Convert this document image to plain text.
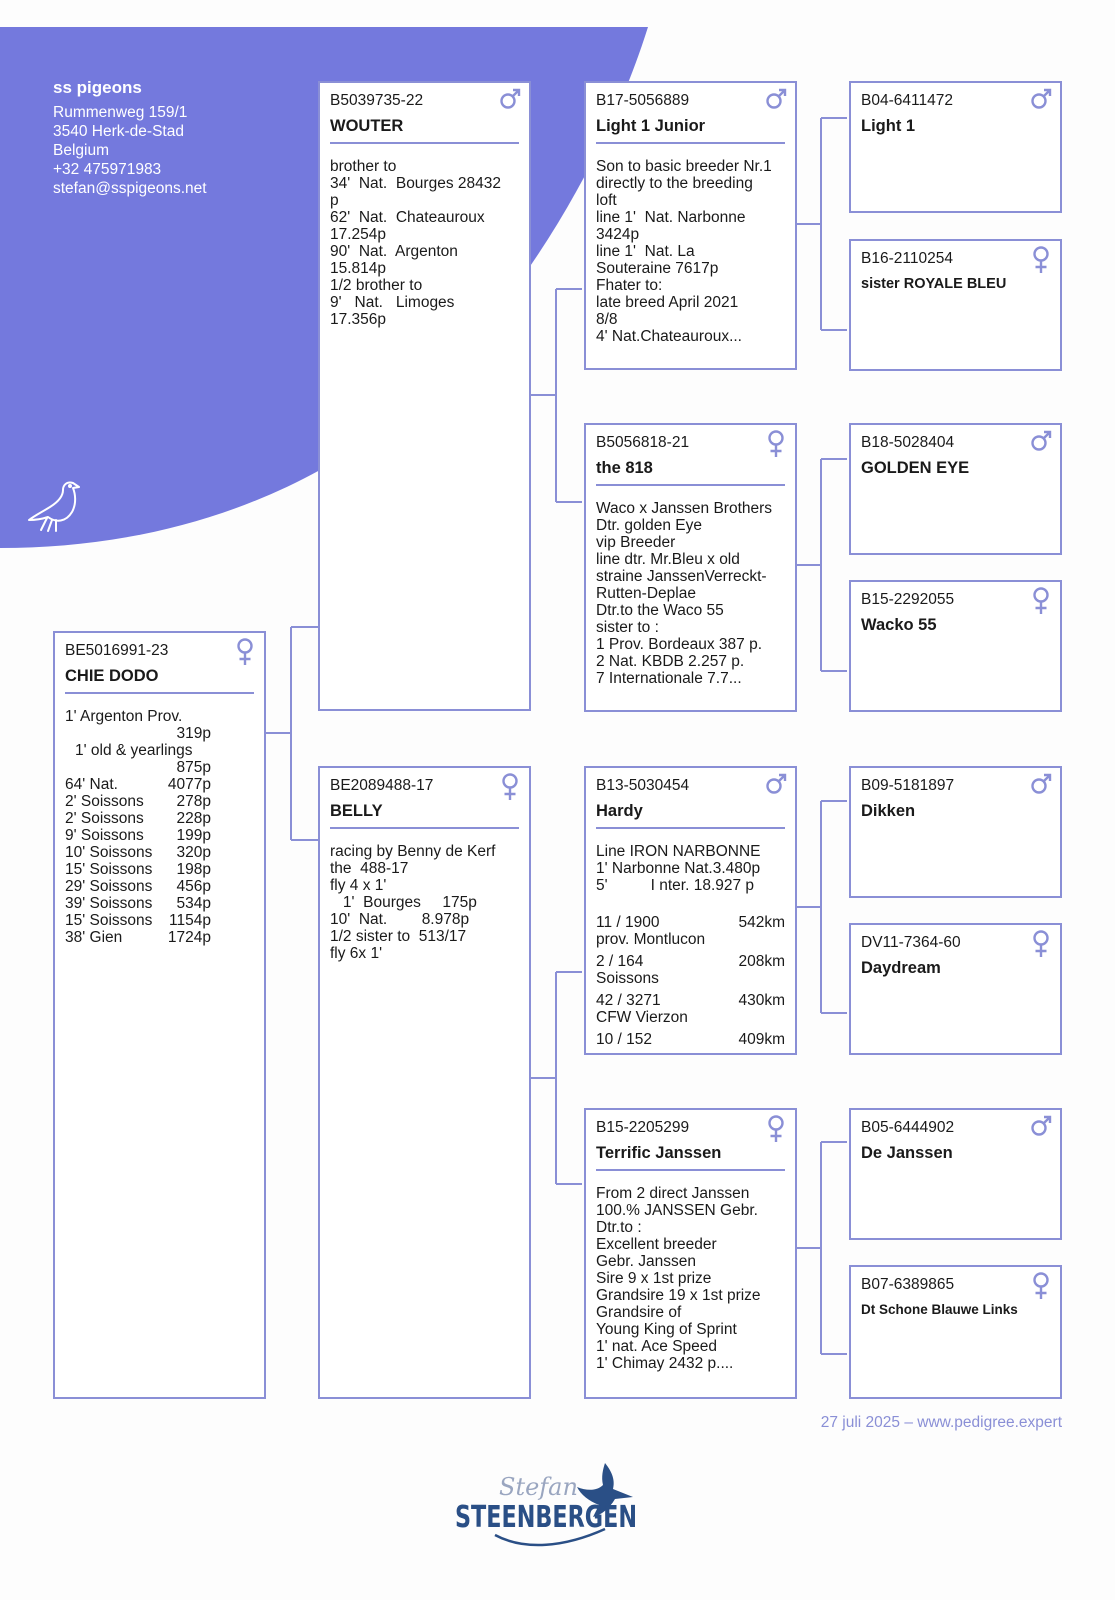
ss pigeons
Rummenweg 159/1
3540 Herk-de-Stad
Belgium
+32 475971983
stefan@sspigeons.net
BE5016991-23
CHIE DODO
1' Argenton Prov.
319p
1' old & yearlings
875p
64' Nat.	4077p
2' Soissons 278p
2' Soissons 228p
9' Soissons 199p
10' Soissons 320p
15' Soissons 198p
29' Soissons 456p
39' Soissons 534p
15' Soissons 1154p
38' Gien	1724p
B5039735-22
WOUTER
brother to
34'  Nat.  Bourges 28432
p
62'  Nat.  Chateauroux
17.254p
90'  Nat.  Argenton
15.814p
1/2 brother to
9'   Nat.   Limoges
17.356p
BE2089488-17
BELLY
racing by Benny de Kerf
the  488-17
fly 4 x 1'
1'  Bourges     175p
10'  Nat.        8.978p
1/2 sister to  513/17
fly 6x 1'
B17-5056889
Light 1 Junior
Son to basic breeder Nr.1
directly to the breeding
loft
line 1'  Nat. Narbonne
3424p
line 1'  Nat. La
Souteraine 7617p
Fhater to:
late breed April 2021
8/8
4' Nat.Chateauroux...
B5056818-21
the 818
Waco x Janssen Brothers
Dtr. golden Eye
vip Breeder
line dtr. Mr.Bleu x old
straine JanssenVerreckt-
Rutten-Deplae
Dtr.to the Waco 55
sister to :
1 Prov. Bordeaux 387 p.
2 Nat. KBDB 2.257 p.
7 Internationale 7.7...
B13-5030454
Hardy
Line IRON NARBONNE
1' Narbonne Nat.3.480p
5'          I nter. 18.927 p
11 / 1900	542km
prov. Montlucon
2 / 164	208km
Soissons
42 / 3271	430km
CFW Vierzon
10 / 152	409km
B15-2205299
Terrific Janssen
From 2 direct Janssen
100.% JANSSEN Gebr.
Dtr.to :
Excellent breeder
Gebr. Janssen
Sire 9 x 1st prize
Grandsire 19 x 1st prize
Grandsire of
Young King of Sprint
1' nat. Ace Speed
1' Chimay 2432 p....
B04-6411472
Light 1
B16-2110254
sister ROYALE BLEU
B18-5028404
GOLDEN EYE
B15-2292055
Wacko 55
B09-5181897
Dikken
DV11-7364-60
Daydream
B05-6444902
De Janssen
B07-6389865
Dt Schone Blauwe Links
27 juli 2025 – www.pedigree.expert
Stefan
STEENBERGEN
